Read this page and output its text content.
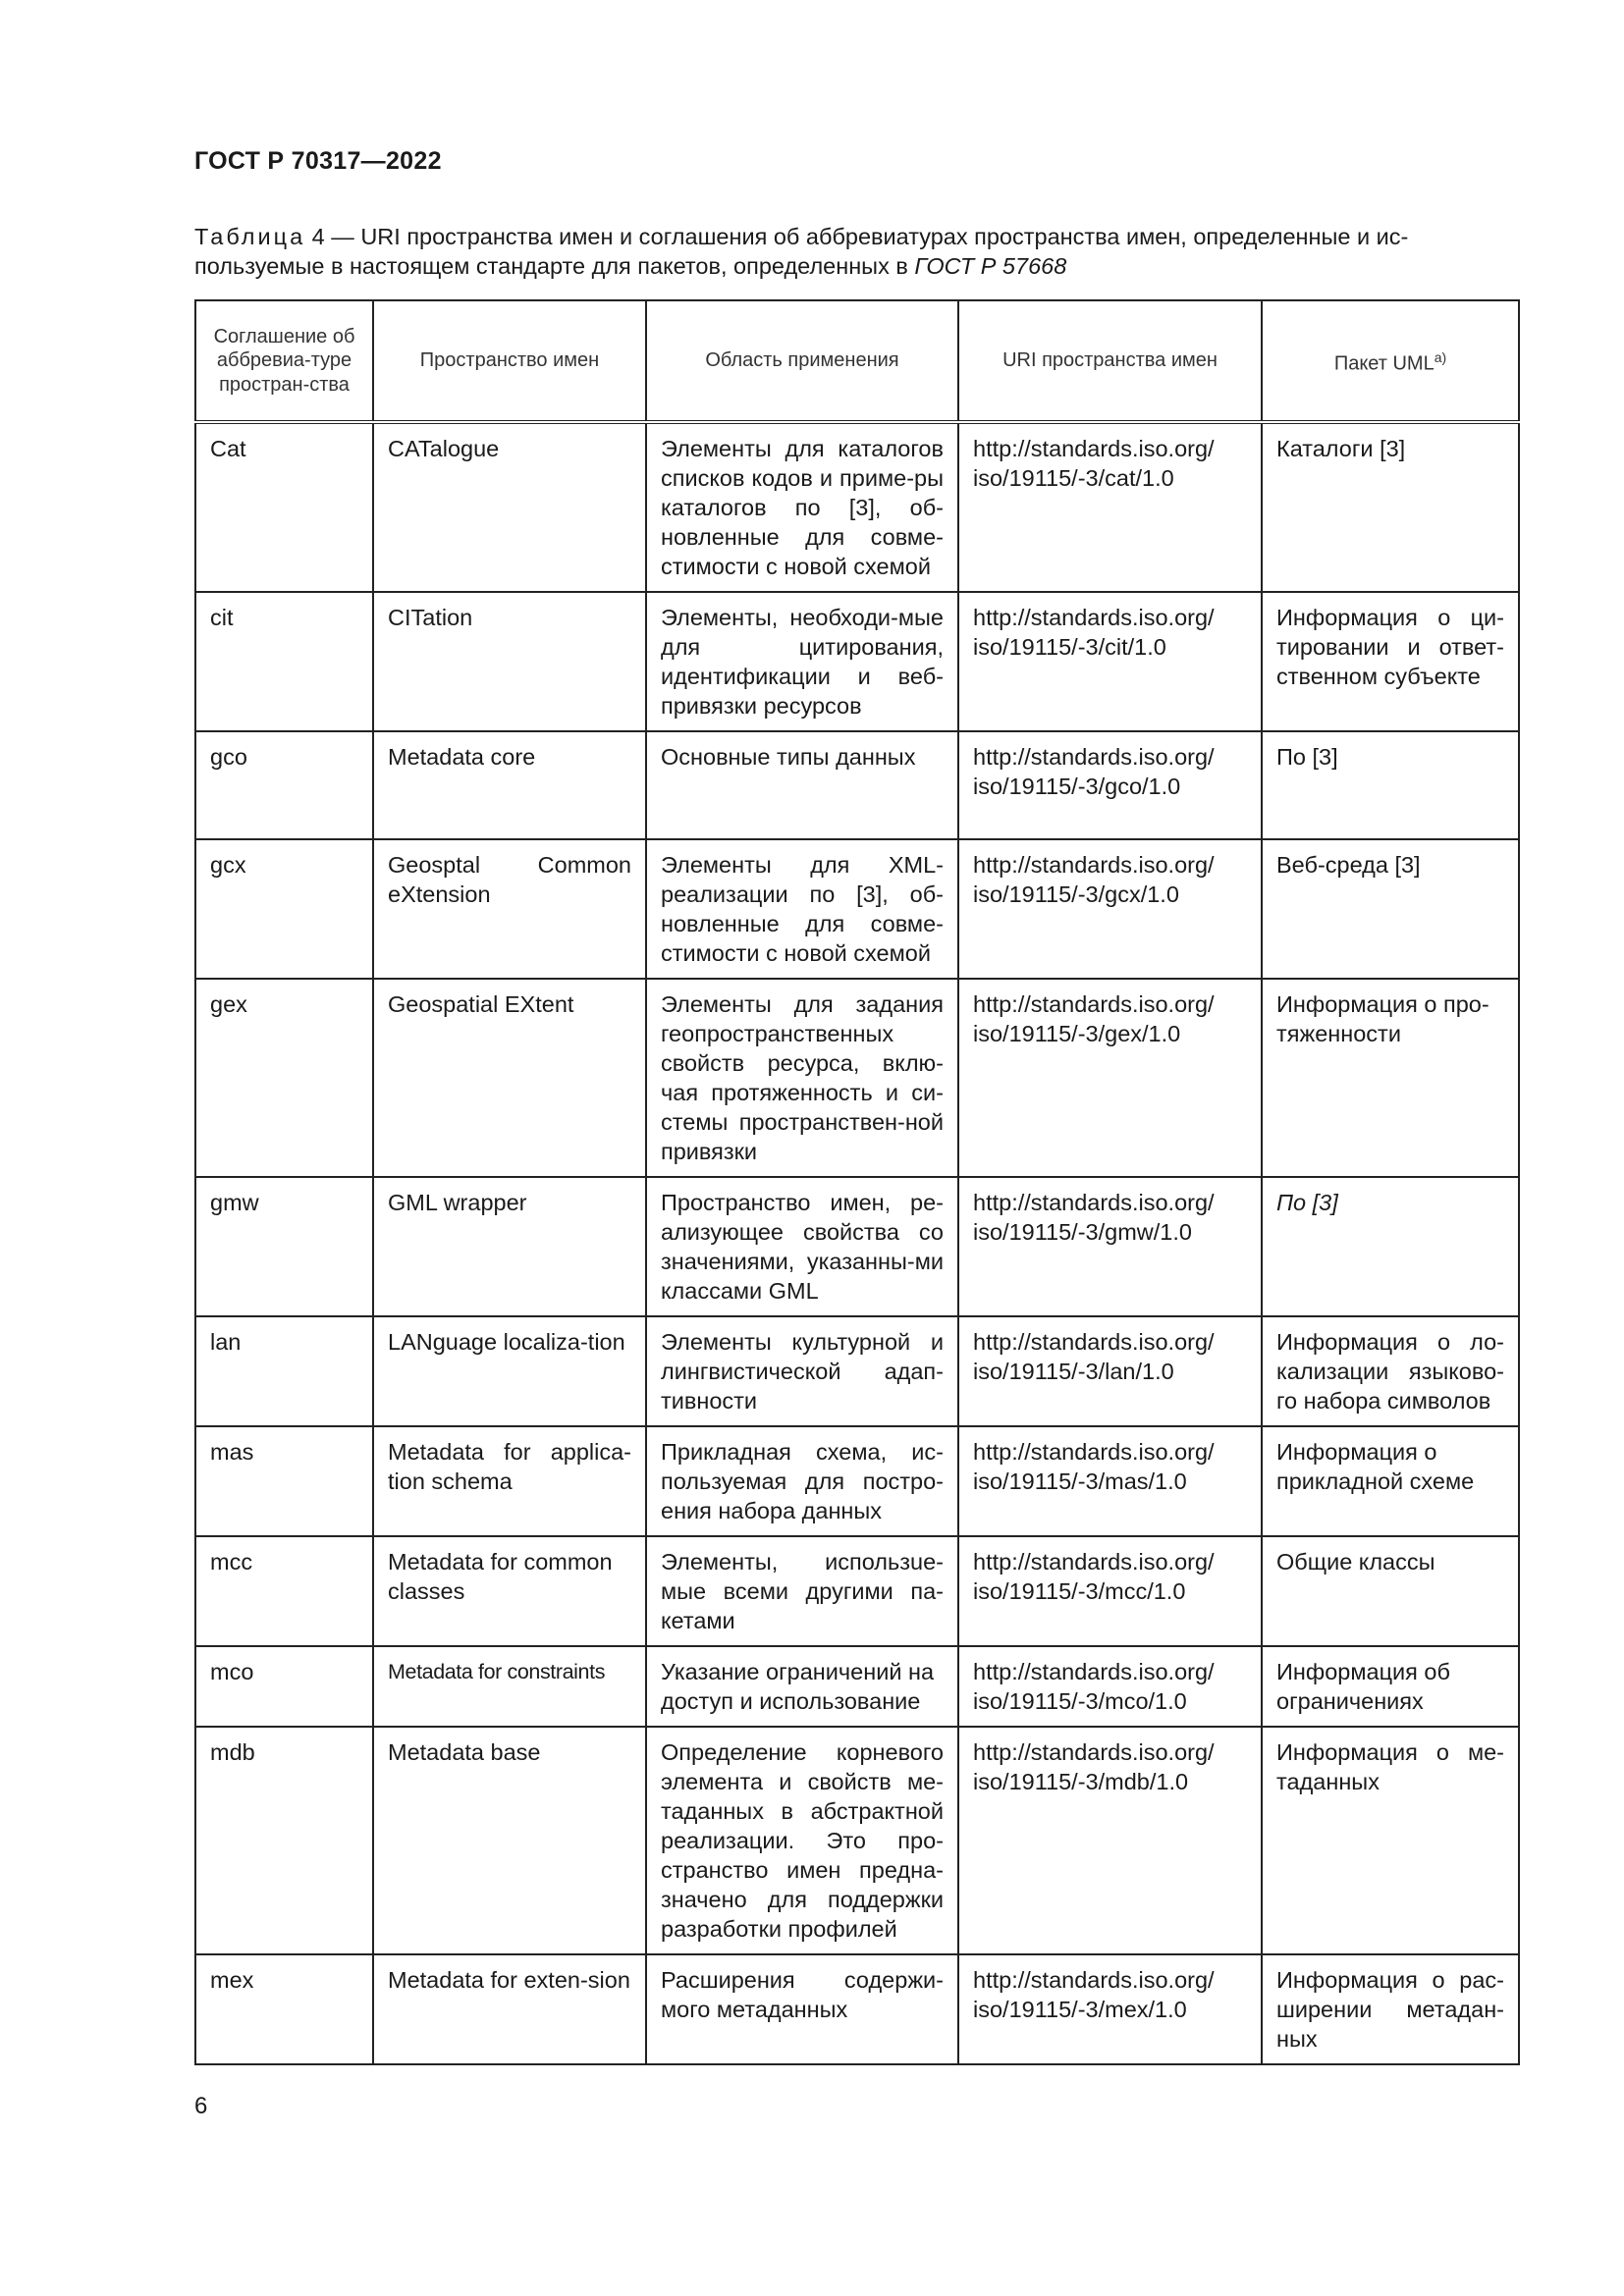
ГОСТ Р 70317—2022
Таблица 4 — URI пространства имен и соглашения об аббревиатурах пространства имен, определенные и ис-пользуемые в настоящем стандарте для пакетов, определенных в ГОСТ Р 57668
Соглашение об аббревиа-туре простран-ства	Пространство имен	Область применения	URI пространства имен	Пакет $UML^{а)}$
Cat	CATalogue	Элементы для каталогов списков кодов и приме-ры каталогов по [3], об-новленные для совме-стимости с новой схемой	http://standards.iso.org/ iso/19115/-3/cat/1.0	Каталоги [3]
cit	CITation	Элементы, необходи-мые для цитирования, идентификации и веб-привязки ресурсов	http://standards.iso.org/ iso/19115/-3/cit/1.0	Информация о ци-тировании и ответ-ственном субъекте
gco	Metadata core	Основные типы данных	http://standards.iso.org/ iso/19115/-3/gco/1.0	По [3]
gcx	Geosptal Common eXtension	Элементы для XML-реализации по [3], об-новленные для совме-стимости с новой схемой	http://standards.iso.org/ iso/19115/-3/gcx/1.0	Веб-среда [3]
gex	Geospatial EXtent	Элементы для задания геопространственных свойств ресурса, вклю-чая протяженность и си-стемы пространствен-ной привязки	http://standards.iso.org/ iso/19115/-3/gex/1.0	Информация о про-тяженности
gmw	GML wrapper	Пространство имен, ре-ализующее свойства со значениями, указанны-ми классами GML	http://standards.iso.org/ iso/19115/-3/gmw/1.0	По [3]
lan	LANguage localiza-tion	Элементы культурной и лингвистической адап-тивности	http://standards.iso.org/ iso/19115/-3/lan/1.0	Информация о ло-кализации языково-го набора символов
mas	Metadata for applica-tion schema	Прикладная схема, ис-пользуемая для постро-ения набора данных	http://standards.iso.org/ iso/19115/-3/mas/1.0	Информация о прикладной схеме
mcc	Metadata for common classes	Элементы, использue-мые всеми другими па-кетами	http://standards.iso.org/ iso/19115/-3/mcc/1.0	Общие классы
mco	Metadata for constraints	Указание ограничений на доступ и использование	http://standards.iso.org/ iso/19115/-3/mco/1.0	Информация об ограничениях
mdb	Metadata base	Определение корневого элемента и свойств ме-таданных в абстрактной реализации. Это про-странство имен предна-значено для поддержки разработки профилей	http://standards.iso.org/ iso/19115/-3/mdb/1.0	Информация о ме-таданных
mex	Metadata for exten-sion	Расширения содержи-мого метаданных	http://standards.iso.org/ iso/19115/-3/mex/1.0	Информация о рас-ширении метадан-ных
6
